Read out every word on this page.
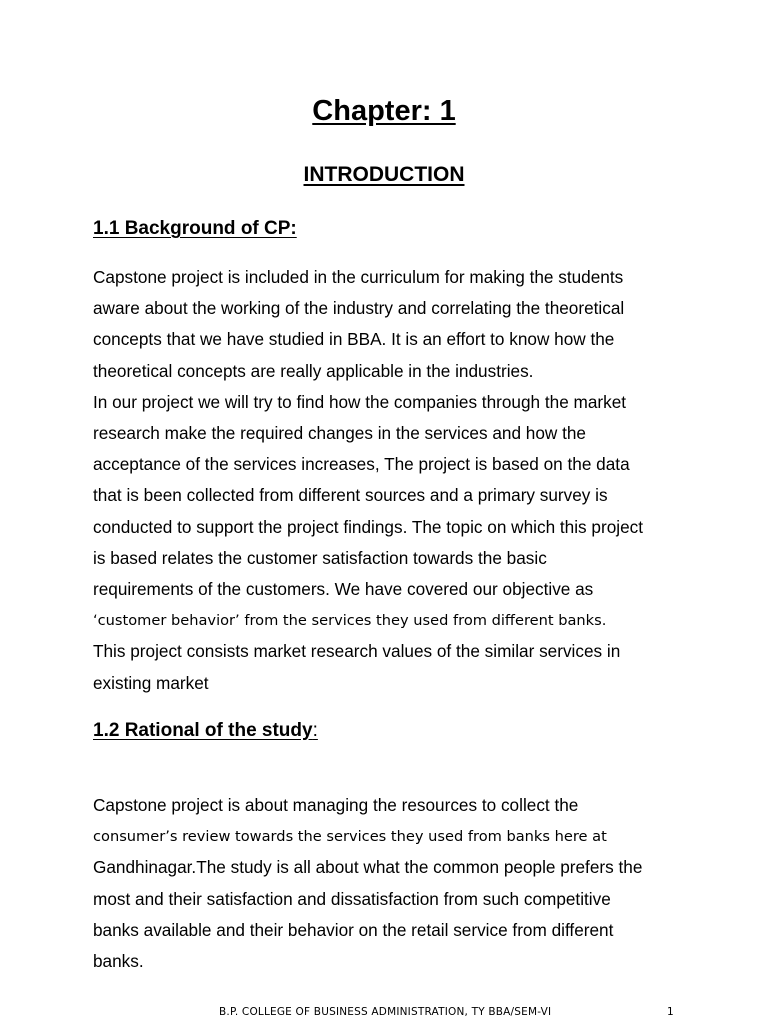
Chapter: 1
INTRODUCTION
1.1 Background of CP:
Capstone project is included in the curriculum for making the students
aware about the working of the industry and correlating the theoretical
concepts that we have studied in BBA. It is an effort to know how the
theoretical concepts are really applicable in the industries.
In our project we will try to find how the companies through the market
research make the required changes in the services and how the
acceptance of the services increases, The project is based on the data
that is been collected from different sources and a primary survey is
conducted to support the project findings. The topic on which this project
is based relates the customer satisfaction towards the basic
requirements of the customers. We have covered our objective as
‘customer behavior’ from the services they used from different banks.
This project consists market research values of the similar services in
existing market
1.2 Rational of the study:
Capstone project is about managing the resources to collect the
consumer’s review towards the services they used from banks here at
Gandhinagar.The study is all about what the common people prefers the
most and their satisfaction and dissatisfaction from such competitive
banks available and their behavior on the retail service from different
banks.
B.P. COLLEGE OF BUSINESS ADMINISTRATION, TY BBA/SEM-VI	1
